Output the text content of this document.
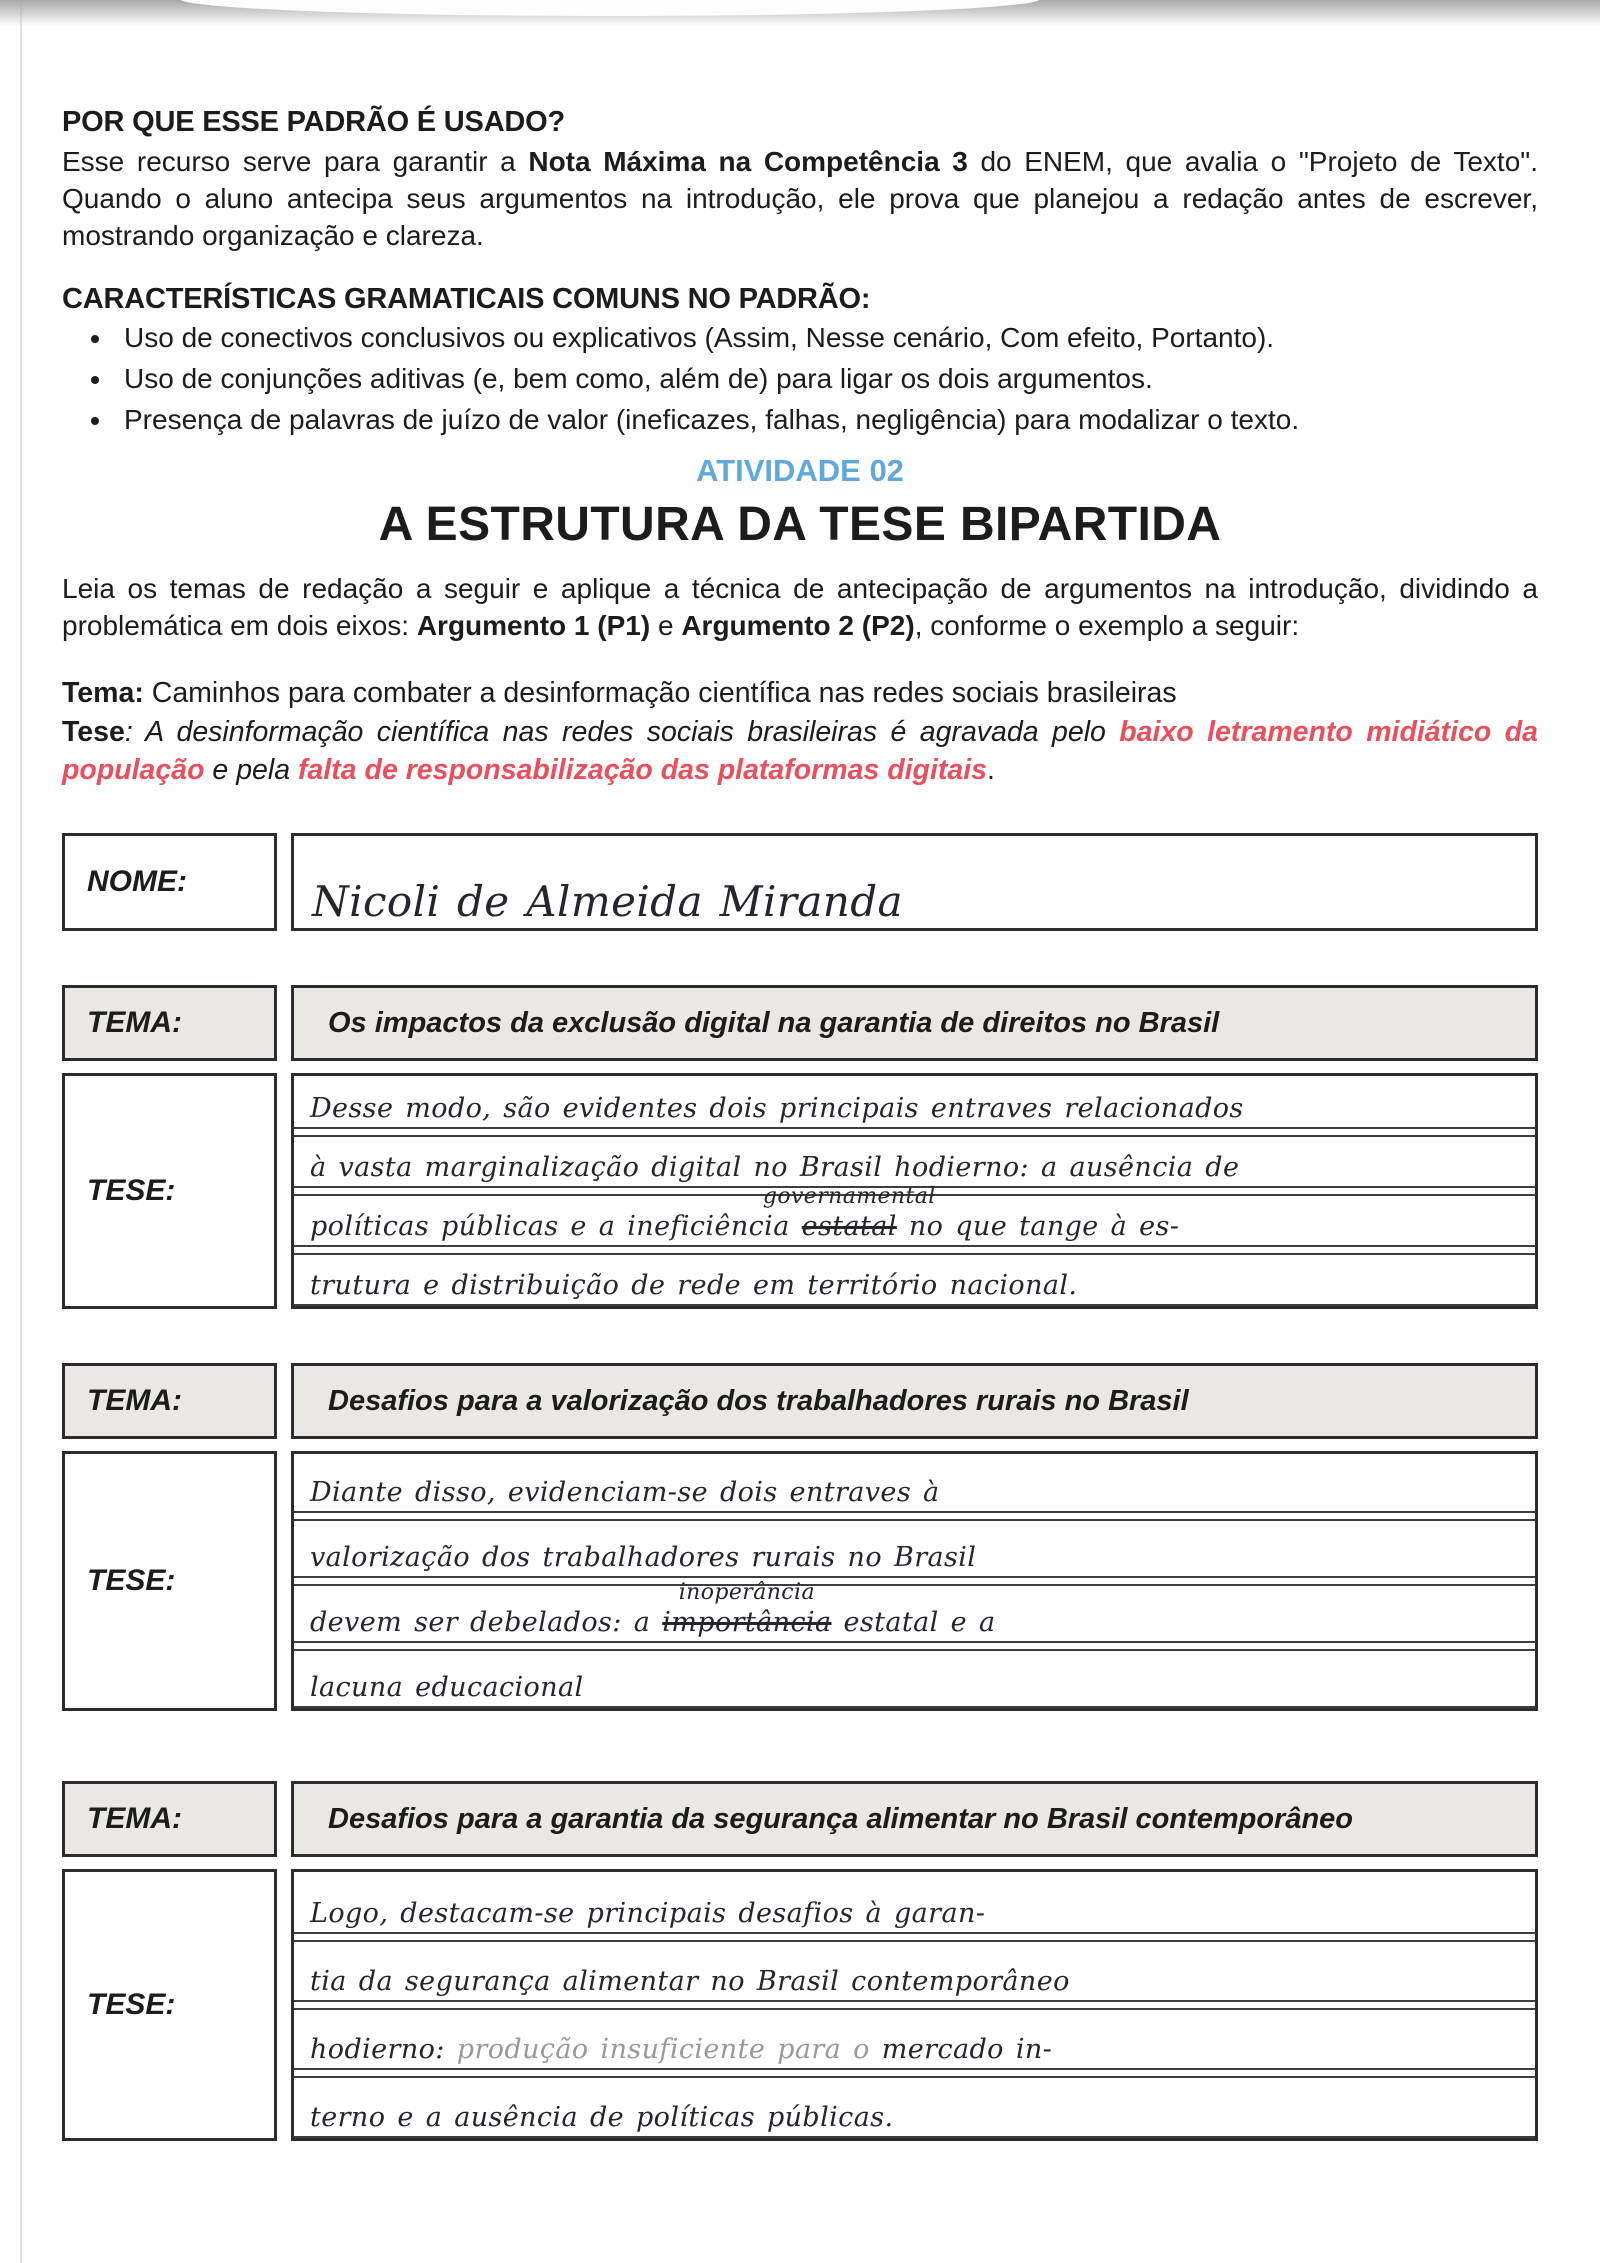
POR QUE ESSE PADRÃO É USADO?

Esse recurso serve para garantir a Nota Máxima na Competência 3 do ENEM, que avalia o "Projeto de Texto". Quando o aluno antecipa seus argumentos na introdução, ele prova que planejou a redação antes de escrever, mostrando organização e clareza.

CARACTERÍSTICAS GRAMATICAIS COMUNS NO PADRÃO:
• Uso de conectivos conclusivos ou explicativos (Assim, Nesse cenário, Com efeito, Portanto).
• Uso de conjunções aditivas (e, bem como, além de) para ligar os dois argumentos.
• Presença de palavras de juízo de valor (ineficazes, falhas, negligência) para modalizar o texto.
ATIVIDADE 02
A ESTRUTURA DA TESE BIPARTIDA

Leia os temas de redação a seguir e aplique a técnica de antecipação de argumentos na introdução, dividindo a problemática em dois eixos: Argumento 1 (P1) e Argumento 2 (P2), conforme o exemplo a seguir:

Tema: Caminhos para combater a desinformação científica nas redes sociais brasileiras

Tese: A desinformação científica nas redes sociais brasileiras é agravada pelo baixo letramento midiático da população e pela falta de responsabilização das plataformas digitais.

NOME:	Nicoli de Almeida Miranda
TEMA:	Os impactos da exclusão digital na garantia de direitos no Brasil
TESE:
Desse modo, são evidentes dois principais entraves relacionados
à vasta marginalização digital no Brasil hodierno: a ausência de
políticas públicas e a ineficiência estatal
governamental
no que tange à es-
trutura e distribuição de rede em território nacional.
TEMA:	Desafios para a valorização dos trabalhadores rurais no Brasil
TESE:
Diante disso, evidenciam-se dois entraves à
valorização dos trabalhadores rurais no Brasil
devem ser debelados: a importância
inoperância
estatal e a
lacuna educacional
TEMA:	Desafios para a garantia da segurança alimentar no Brasil contemporâneo
TESE:
Logo, destacam-se principais desafios à garan-
tia da segurança alimentar no Brasil contemporâneo
hodierno: produção insuficiente para o mercado in-
terno e a ausência de políticas públicas.
